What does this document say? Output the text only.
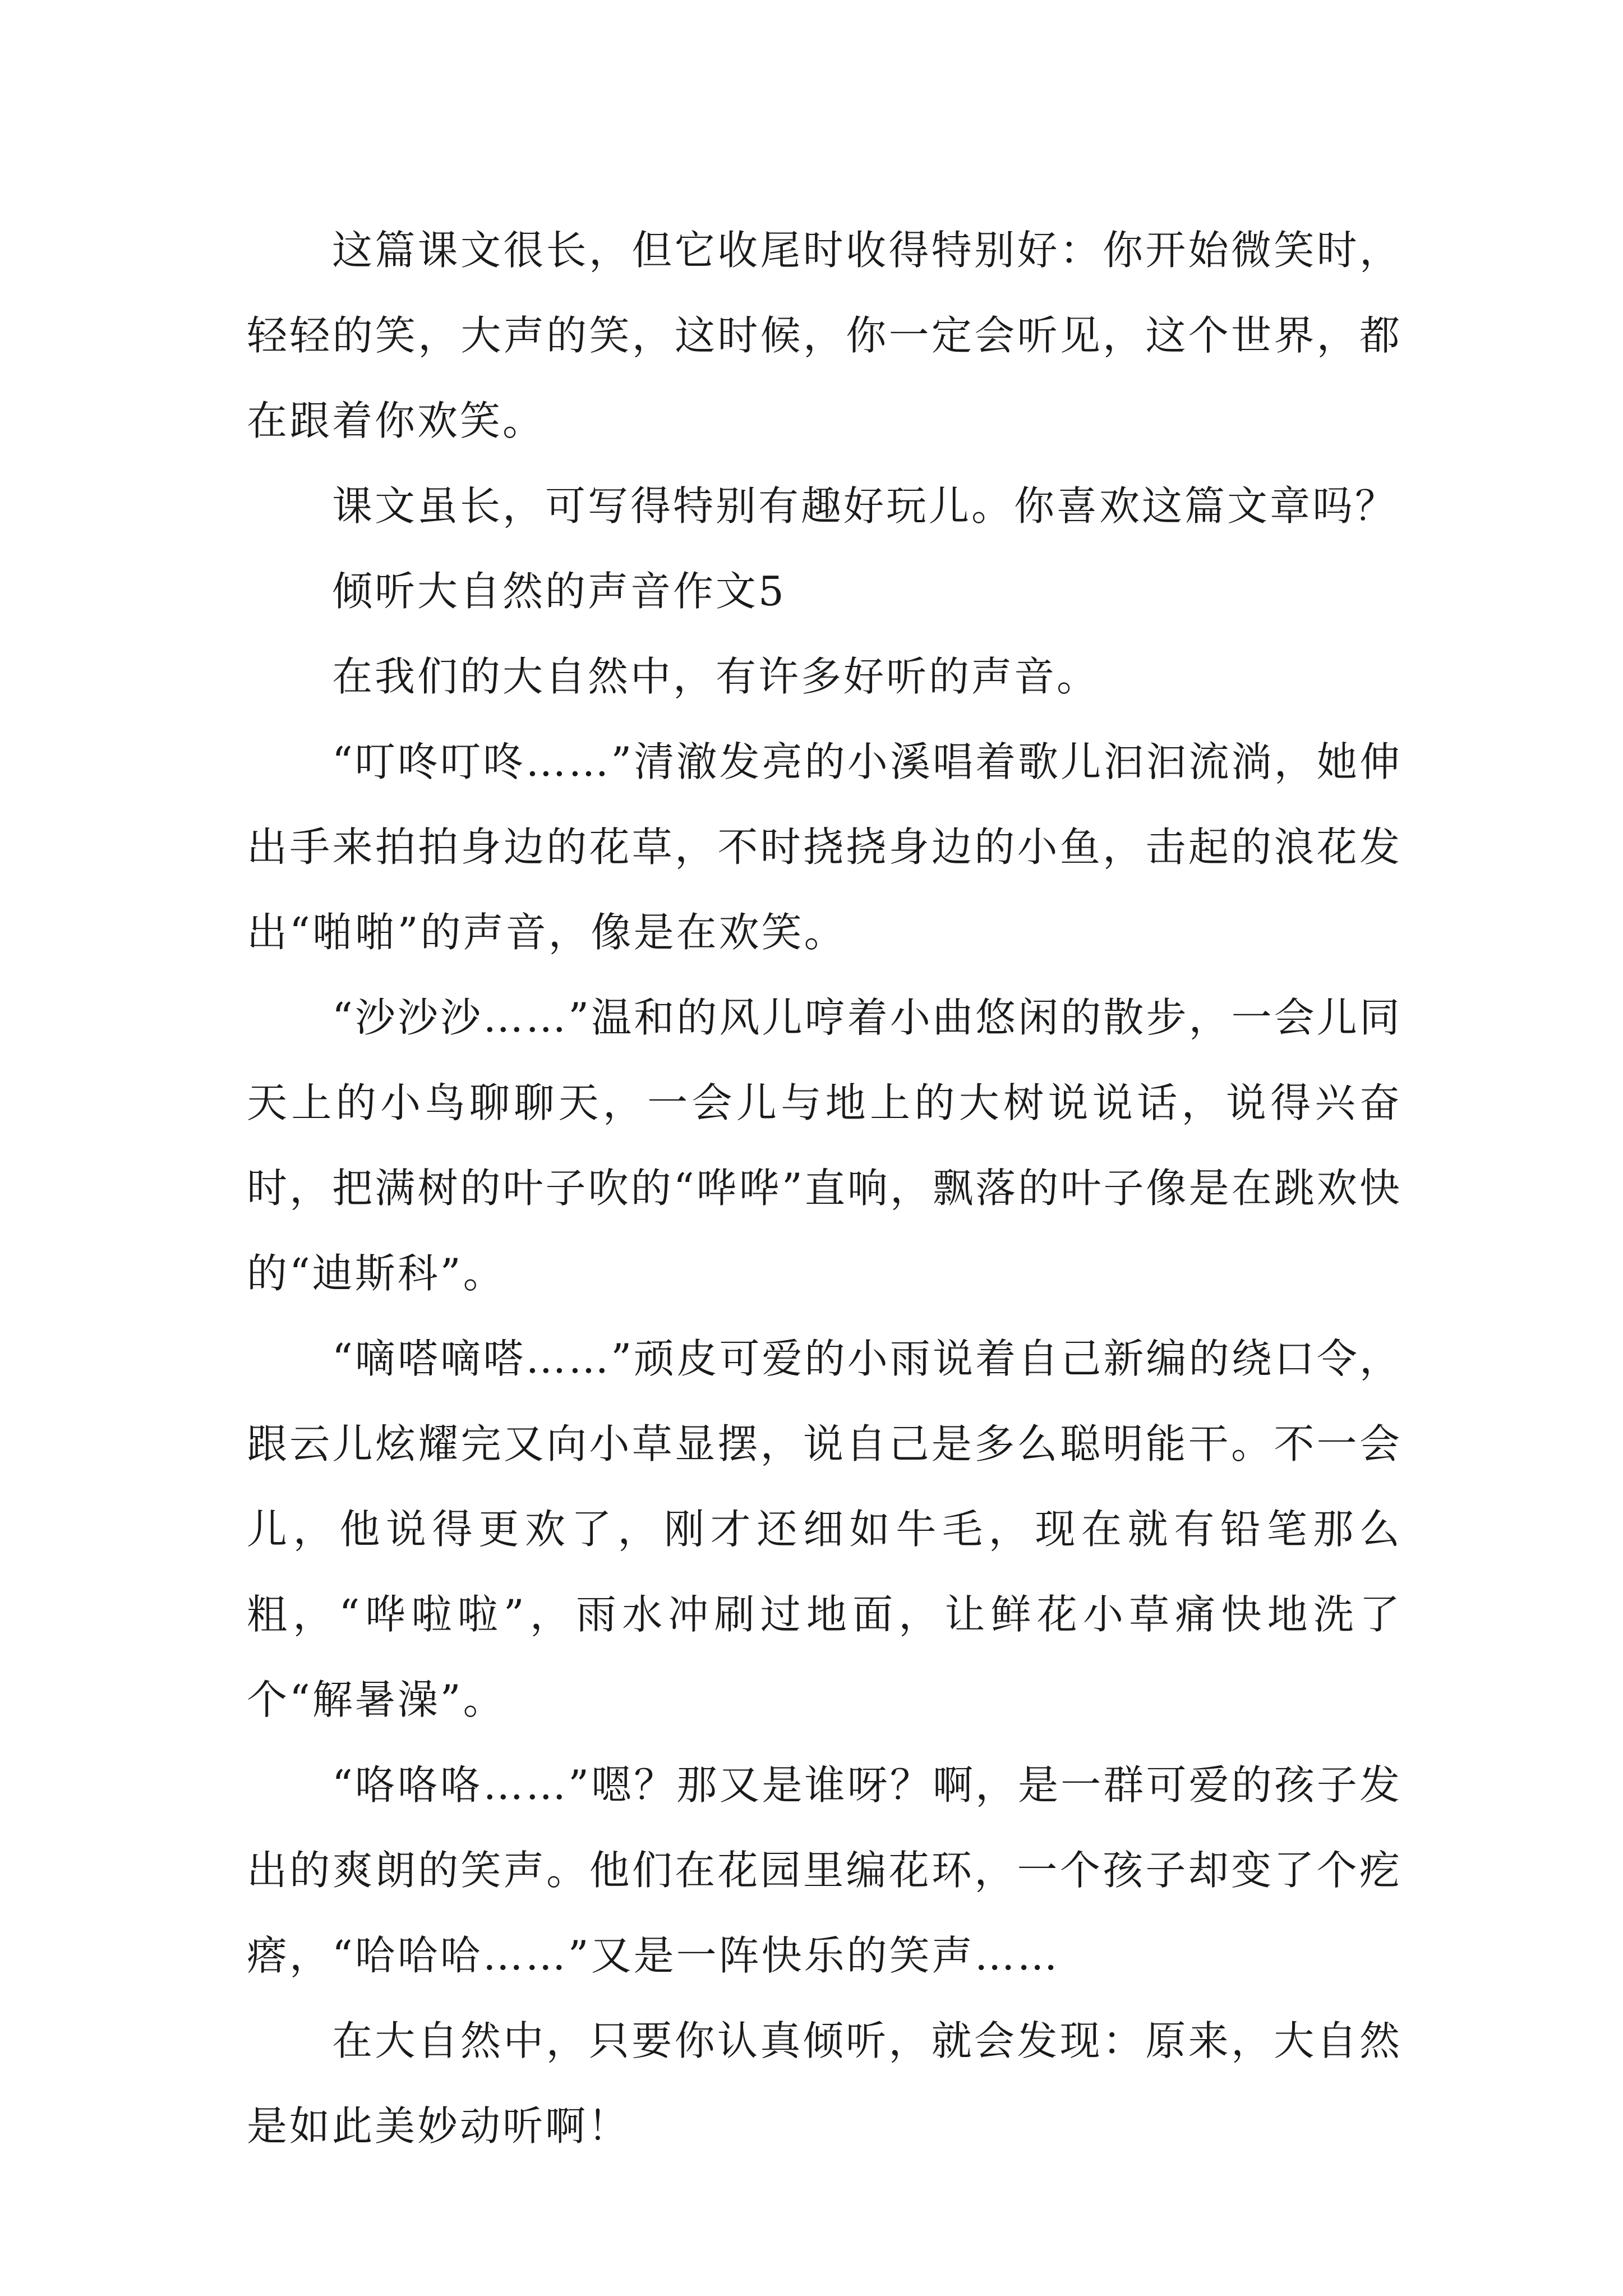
这篇课文很长，但它收尾时收得特别好：你开始微笑时，轻轻的笑，大声的笑，这时候，你一定会听见，这个世界，都在跟着你欢笑。

课文虽长，可写得特别有趣好玩儿。你喜欢这篇文章吗？

倾听大自然的声音作文5

在我们的大自然中，有许多好听的声音。

“叮咚叮咚……”清澈发亮的小溪唱着歌儿汩汩流淌，她伸出手来拍拍身边的花草，不时挠挠身边的小鱼，击起的浪花发出“啪啪”的声音，像是在欢笑。

“沙沙沙……”温和的风儿哼着小曲悠闲的散步，一会儿同天上的小鸟聊聊天，一会儿与地上的大树说说话，说得兴奋时，把满树的叶子吹的“哗哗”直响，飘落的叶子像是在跳欢快的“迪斯科”。

“嘀嗒嘀嗒……”顽皮可爱的小雨说着自己新编的绕口令，跟云儿炫耀完又向小草显摆，说自己是多么聪明能干。不一会儿，他说得更欢了，刚才还细如牛毛，现在就有铅笔那么粗，“哗啦啦”，雨水冲刷过地面，让鲜花小草痛快地洗了个“解暑澡”。

“咯咯咯……”嗯？那又是谁呀？啊，是一群可爱的孩子发出的爽朗的笑声。他们在花园里编花环，一个孩子却变了个疙瘩，“哈哈哈……”又是一阵快乐的笑声……

在大自然中，只要你认真倾听，就会发现：原来，大自然是如此美妙动听啊！
